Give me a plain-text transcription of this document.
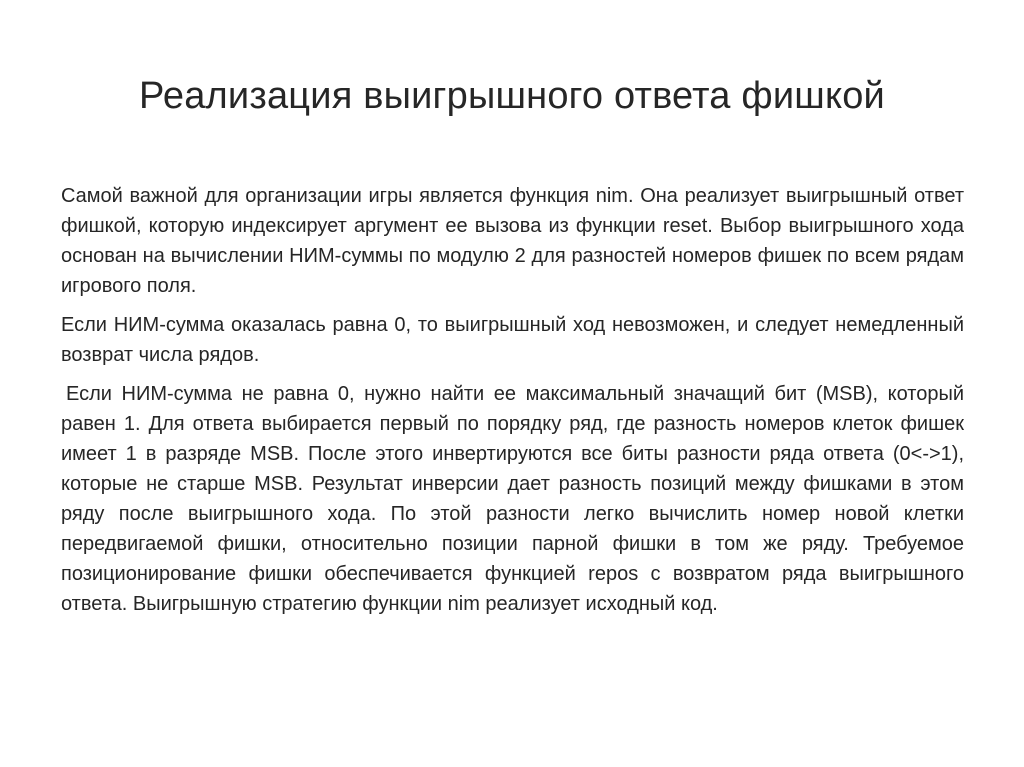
Реализация выигрышного ответа фишкой

Самой важной для организации игры является функция nim. Она реализует выигрышный ответ фишкой, которую индексирует аргумент ее вызова из функции reset. Выбор выигрышного хода основан на вычислении НИМ-суммы по модулю 2 для разностей номеров фишек по всем рядам игрового поля.

Если НИМ-сумма оказалась равна 0, то выигрышный ход невозможен, и следует немедленный возврат числа рядов.

Если НИМ-сумма не равна 0, нужно найти ее максимальный значащий бит (MSB), который равен 1. Для ответа выбирается первый по порядку ряд, где разность номеров клеток фишек имеет 1 в разряде MSB. После этого инвертируются все биты разности ряда ответа (0<->1), которые не старше MSB. Результат инверсии дает разность позиций между фишками в этом ряду после выигрышного хода. По этой разности легко вычислить номер новой клетки передвигаемой фишки, относительно позиции парной фишки в том же ряду. Требуемое позиционирование фишки обеспечивается функцией repos с возвратом ряда выигрышного ответа. Выигрышную стратегию функции nim реализует исходный код.
